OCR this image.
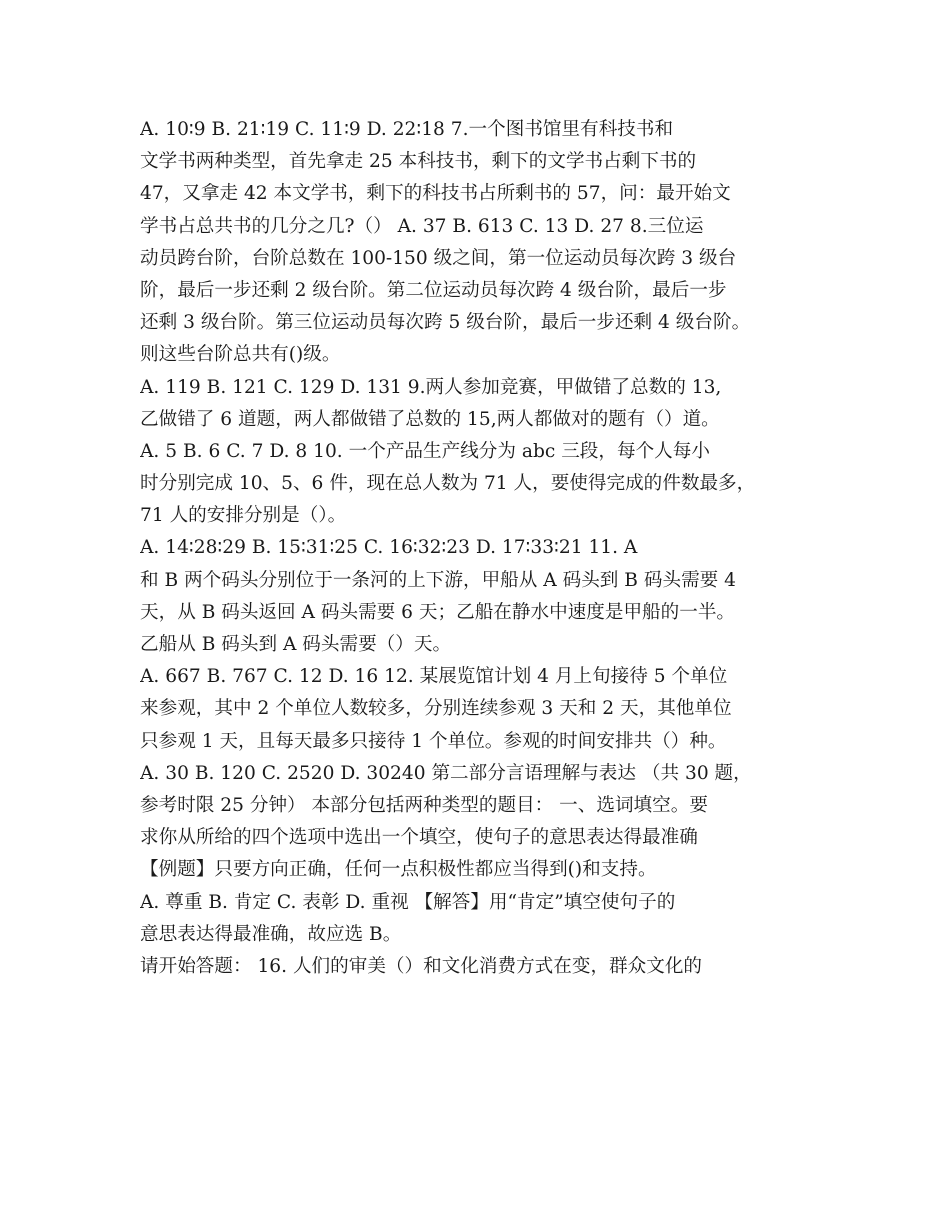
A. 10∶9 B. 21∶19 C. 11∶9 D. 22∶18 7.一个图书馆里有科技书和
文学书两种类型，首先拿走 25 本科技书，剩下的文学书占剩下书的
47，又拿走 42 本文学书，剩下的科技书占所剩书的 57，问：最开始文
学书占总共书的几分之几?（） A. 37 B. 613 C. 13 D. 27 8.三位运
动员跨台阶，台阶总数在 100-150 级之间，第一位运动员每次跨 3 级台
阶，最后一步还剩 2 级台阶。第二位运动员每次跨 4 级台阶，最后一步
还剩 3 级台阶。第三位运动员每次跨 5 级台阶，最后一步还剩 4 级台阶。
则这些台阶总共有()级。
A. 119 B. 121 C. 129 D. 131 9.两人参加竞赛，甲做错了总数的 13,
乙做错了 6 道题，两人都做错了总数的 15,两人都做对的题有（）道。
A. 5 B. 6 C. 7 D. 8 10. 一个产品生产线分为 abc 三段，每个人每小
时分别完成 10、5、6 件，现在总人数为 71 人，要使得完成的件数最多，
71 人的安排分别是（）。
A. 14∶28∶29 B. 15∶31∶25 C. 16∶32∶23 D. 17∶33∶21 11. A
和 B 两个码头分别位于一条河的上下游，甲船从 A 码头到 B 码头需要 4
天，从 B 码头返回 A 码头需要 6 天；乙船在静水中速度是甲船的一半。
乙船从 B 码头到 A 码头需要（）天。
A. 667 B. 767 C. 12 D. 16 12. 某展览馆计划 4 月上旬接待 5 个单位
来参观，其中 2 个单位人数较多，分别连续参观 3 天和 2 天，其他单位
只参观 1 天，且每天最多只接待 1 个单位。参观的时间安排共（）种。
A. 30 B. 120 C. 2520 D. 30240 第二部分言语理解与表达 （共 30 题，
参考时限 25 分钟） 本部分包括两种类型的题目： 一、选词填空。要
求你从所给的四个选项中选出一个填空，使句子的意思表达得最准确
【例题】只要方向正确，任何一点积极性都应当得到()和支持。
A. 尊重 B. 肯定 C. 表彰 D. 重视 【解答】用“肯定”填空使句子的
意思表达得最准确，故应选 B。
请开始答题： 16. 人们的审美（）和文化消费方式在变，群众文化的
